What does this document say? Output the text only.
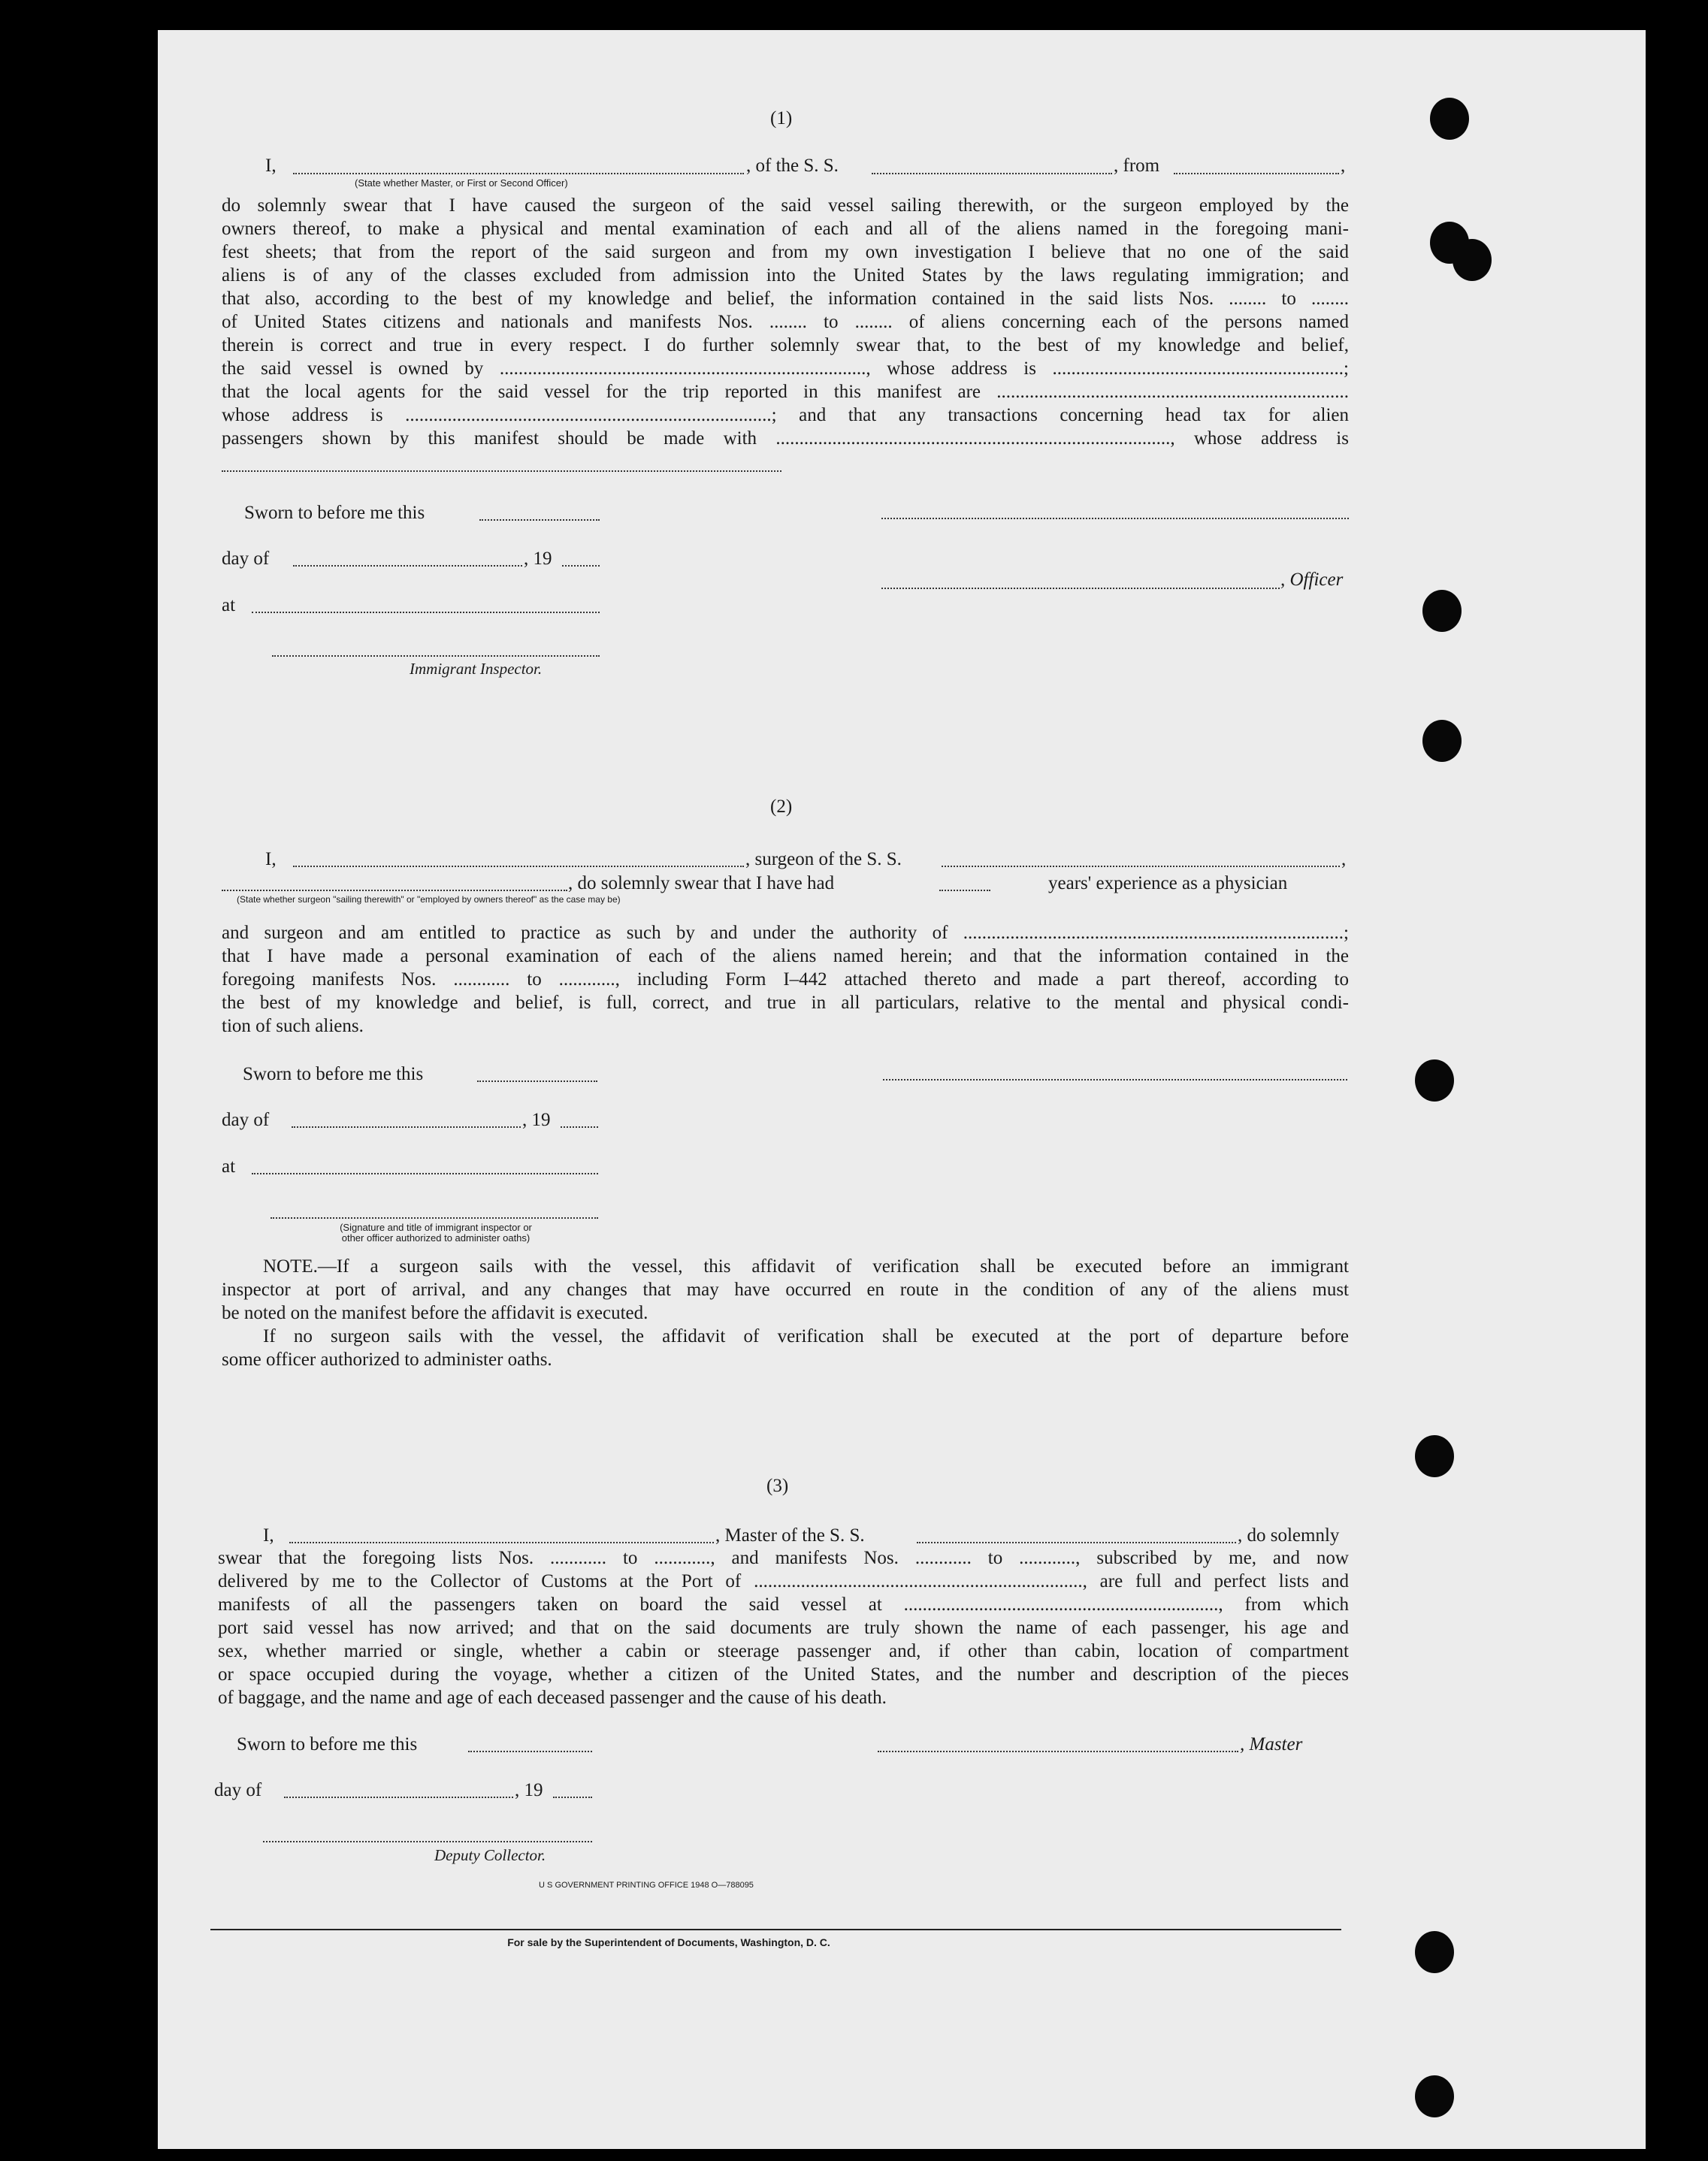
(1)
I,
(State whether Master, or First or Second Officer)
, of the S. S.	, from	,
do solemnly swear that I have caused the surgeon of the said vessel sailing therewith, or the surgeon employed by the
owners thereof, to make a physical and mental examination of each and all of the aliens named in the foregoing mani-
fest sheets; that from the report of the said surgeon and from my own investigation I believe that no one of the said
aliens is of any of the classes excluded from admission into the United States by the laws regulating immigration; and
that also, according to the best of my knowledge and belief, the information contained in the said lists Nos. ........ to ........
of United States citizens and nationals and manifests Nos. ........ to ........ of aliens concerning each of the persons named
therein is correct and true in every respect. I do further solemnly swear that, to the best of my knowledge and belief,
the said vessel is owned by .............................................................................., whose address is ..............................................................;
that the local agents for the said vessel for the trip reported in this manifest are ...........................................................................
whose address is ..............................................................................; and that any transactions concerning head tax for alien
passengers shown by this manifest should be made with ...................................................................................., whose address is
Sworn to before me this
day of	, 19
, Officer
at
Immigrant Inspector.
(2)
I,	, surgeon of the S. S.	,
(State whether surgeon "sailing therewith" or "employed by owners thereof" as the case may be)
, do solemnly swear that I have had	years' experience as a physician
and surgeon and am entitled to practice as such by and under the authority of .................................................................................;
that I have made a personal examination of each of the aliens named herein; and that the information contained in the
foregoing manifests Nos. ............ to ............, including Form I–442 attached thereto and made a part thereof, according to
the best of my knowledge and belief, is full, correct, and true in all particulars, relative to the mental and physical condi-
tion of such aliens.
Sworn to before me this
day of	, 19
at
(Signature and title of immigrant inspector or
other officer authorized to administer oaths)
NOTE.—If a surgeon sails with the vessel, this affidavit of verification shall be executed before an immigrant
inspector at port of arrival, and any changes that may have occurred en route in the condition of any of the aliens must
be noted on the manifest before the affidavit is executed.
If no surgeon sails with the vessel, the affidavit of verification shall be executed at the port of departure before
some officer authorized to administer oaths.
(3)
I,	, Master of the S. S.	, do solemnly
swear that the foregoing lists Nos. ............ to ............, and manifests Nos. ............ to ............, subscribed by me, and now
delivered by me to the Collector of Customs at the Port of ......................................................................, are full and perfect lists and
manifests of all the passengers taken on board the said vessel at ..................................................................., from which
port said vessel has now arrived; and that on the said documents are truly shown the name of each passenger, his age and
sex, whether married or single, whether a cabin or steerage passenger and, if other than cabin, location of compartment
or space occupied during the voyage, whether a citizen of the United States, and the number and description of the pieces
of baggage, and the name and age of each deceased passenger and the cause of his death.
Sworn to before me this	, Master
day of	, 19
Deputy Collector.
U S GOVERNMENT PRINTING OFFICE 1948 O—788095
For sale by the Superintendent of Documents, Washington, D. C.
